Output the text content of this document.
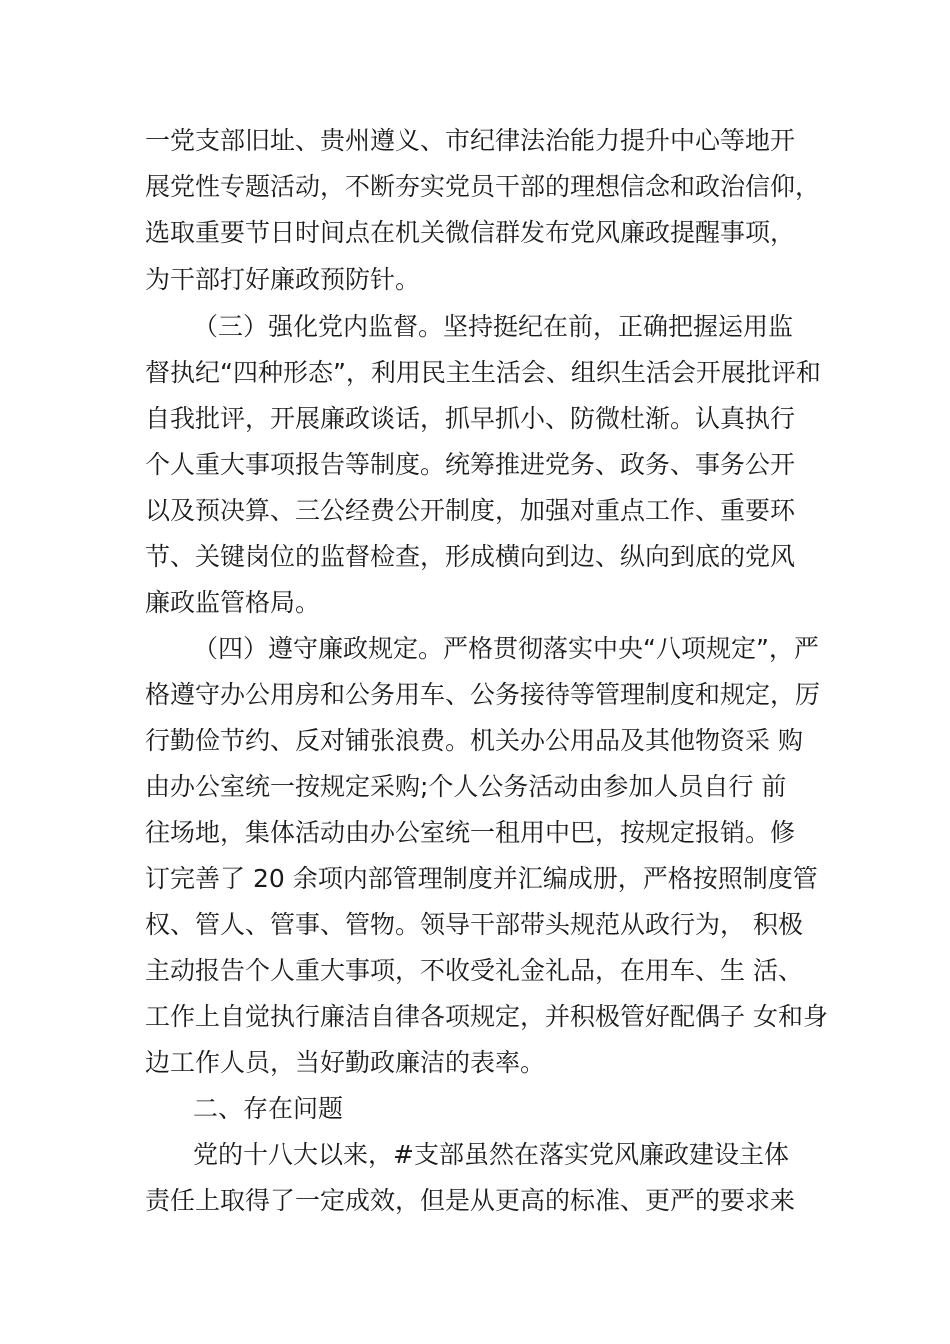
一党支部旧址、贵州遵义、市纪律法治能力提升中心等地开
展党性专题活动，不断夯实党员干部的理想信念和政治信仰，
选取重要节日时间点在机关微信群发布党风廉政提醒事项，
为干部打好廉政预防针。
（三）强化党内监督。坚持挺纪在前，正确把握运用监
督执纪“四种形态”，利用民主生活会、组织生活会开展批评和
自我批评，开展廉政谈话，抓早抓小、防微杜渐。认真执行
个人重大事项报告等制度。统筹推进党务、政务、事务公开
以及预决算、三公经费公开制度，加强对重点工作、重要环
节、关键岗位的监督检查，形成横向到边、纵向到底的党风
廉政监管格局。
（四）遵守廉政规定。严格贯彻落实中央“八项规定”，严
格遵守办公用房和公务用车、公务接待等管理制度和规定，厉
行勤俭节约、反对铺张浪费。机关办公用品及其他物资采 购
由办公室统一按规定采购;个人公务活动由参加人员自行 前
往场地，集体活动由办公室统一租用中巴，按规定报销。修
订完善了 20 余项内部管理制度并汇编成册，严格按照制度管
权、管人、管事、管物。领导干部带头规范从政行为， 积极
主动报告个人重大事项，不收受礼金礼品，在用车、生 活、
工作上自觉执行廉洁自律各项规定，并积极管好配偶子 女和身
边工作人员，当好勤政廉洁的表率。
二、存在问题
党的十八大以来，#支部虽然在落实党风廉政建设主体
责任上取得了一定成效，但是从更高的标准、更严的要求来
